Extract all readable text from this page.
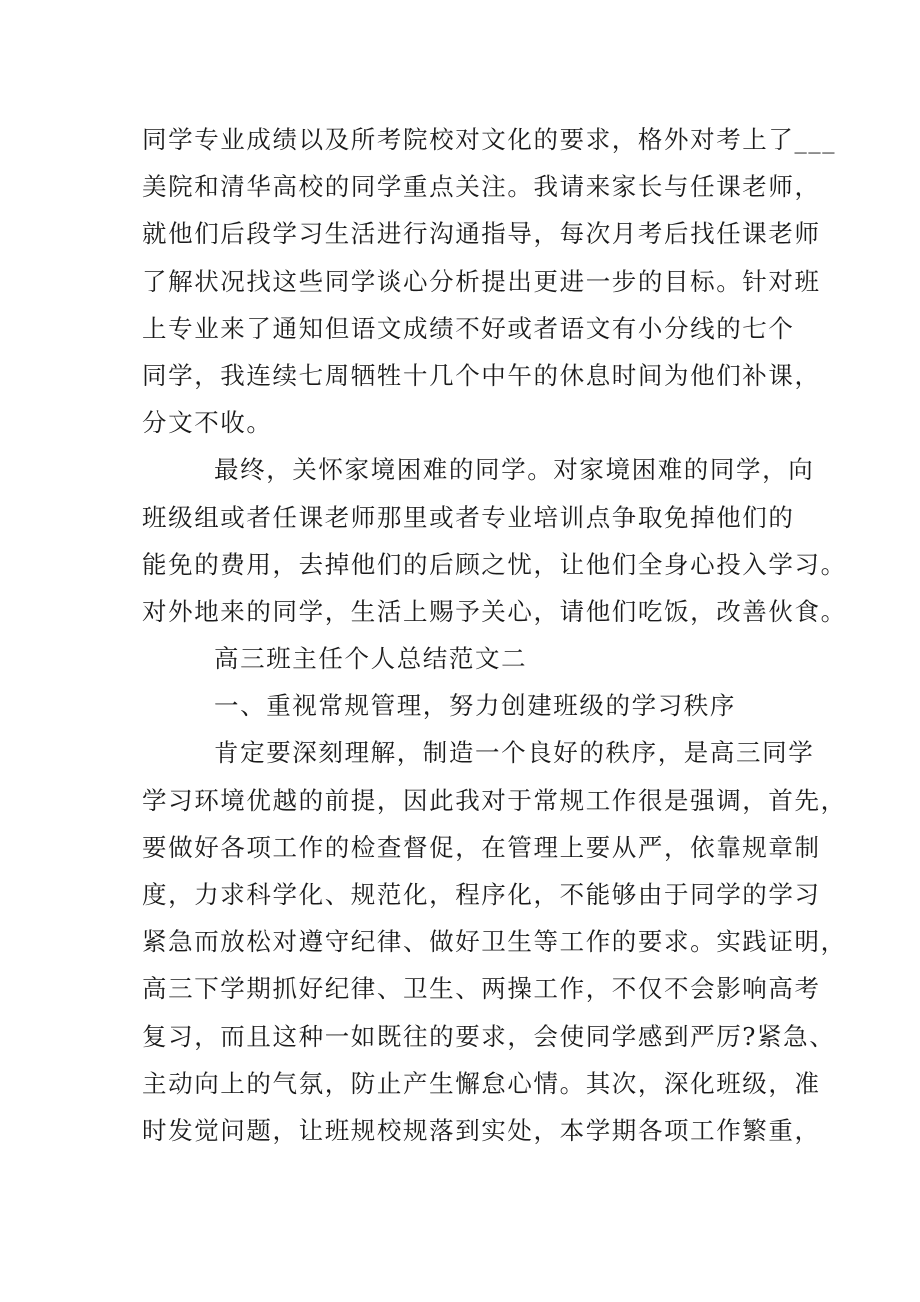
同学专业成绩以及所考院校对文化的要求，格外对考上了___
美院和清华高校的同学重点关注。我请来家长与任课老师，
就他们后段学习生活进行沟通指导，每次月考后找任课老师
了解状况找这些同学谈心分析提出更进一步的目标。针对班
上专业来了通知但语文成绩不好或者语文有小分线的七个
同学，我连续七周牺牲十几个中午的休息时间为他们补课，
分文不收。
最终，关怀家境困难的同学。对家境困难的同学，向
班级组或者任课老师那里或者专业培训点争取免掉他们的
能免的费用，去掉他们的后顾之忧，让他们全身心投入学习。
对外地来的同学，生活上赐予关心，请他们吃饭，改善伙食。
高三班主任个人总结范文二
一、重视常规管理，努力创建班级的学习秩序
肯定要深刻理解，制造一个良好的秩序，是高三同学
学习环境优越的前提，因此我对于常规工作很是强调，首先，
要做好各项工作的检查督促，在管理上要从严，依靠规章制
度，力求科学化、规范化，程序化，不能够由于同学的学习
紧急而放松对遵守纪律、做好卫生等工作的要求。实践证明，
高三下学期抓好纪律、卫生、两操工作，不仅不会影响高考
复习，而且这种一如既往的要求，会使同学感到严厉?紧急、
主动向上的气氛，防止产生懈怠心情。其次，深化班级，准
时发觉问题，让班规校规落到实处，本学期各项工作繁重，
